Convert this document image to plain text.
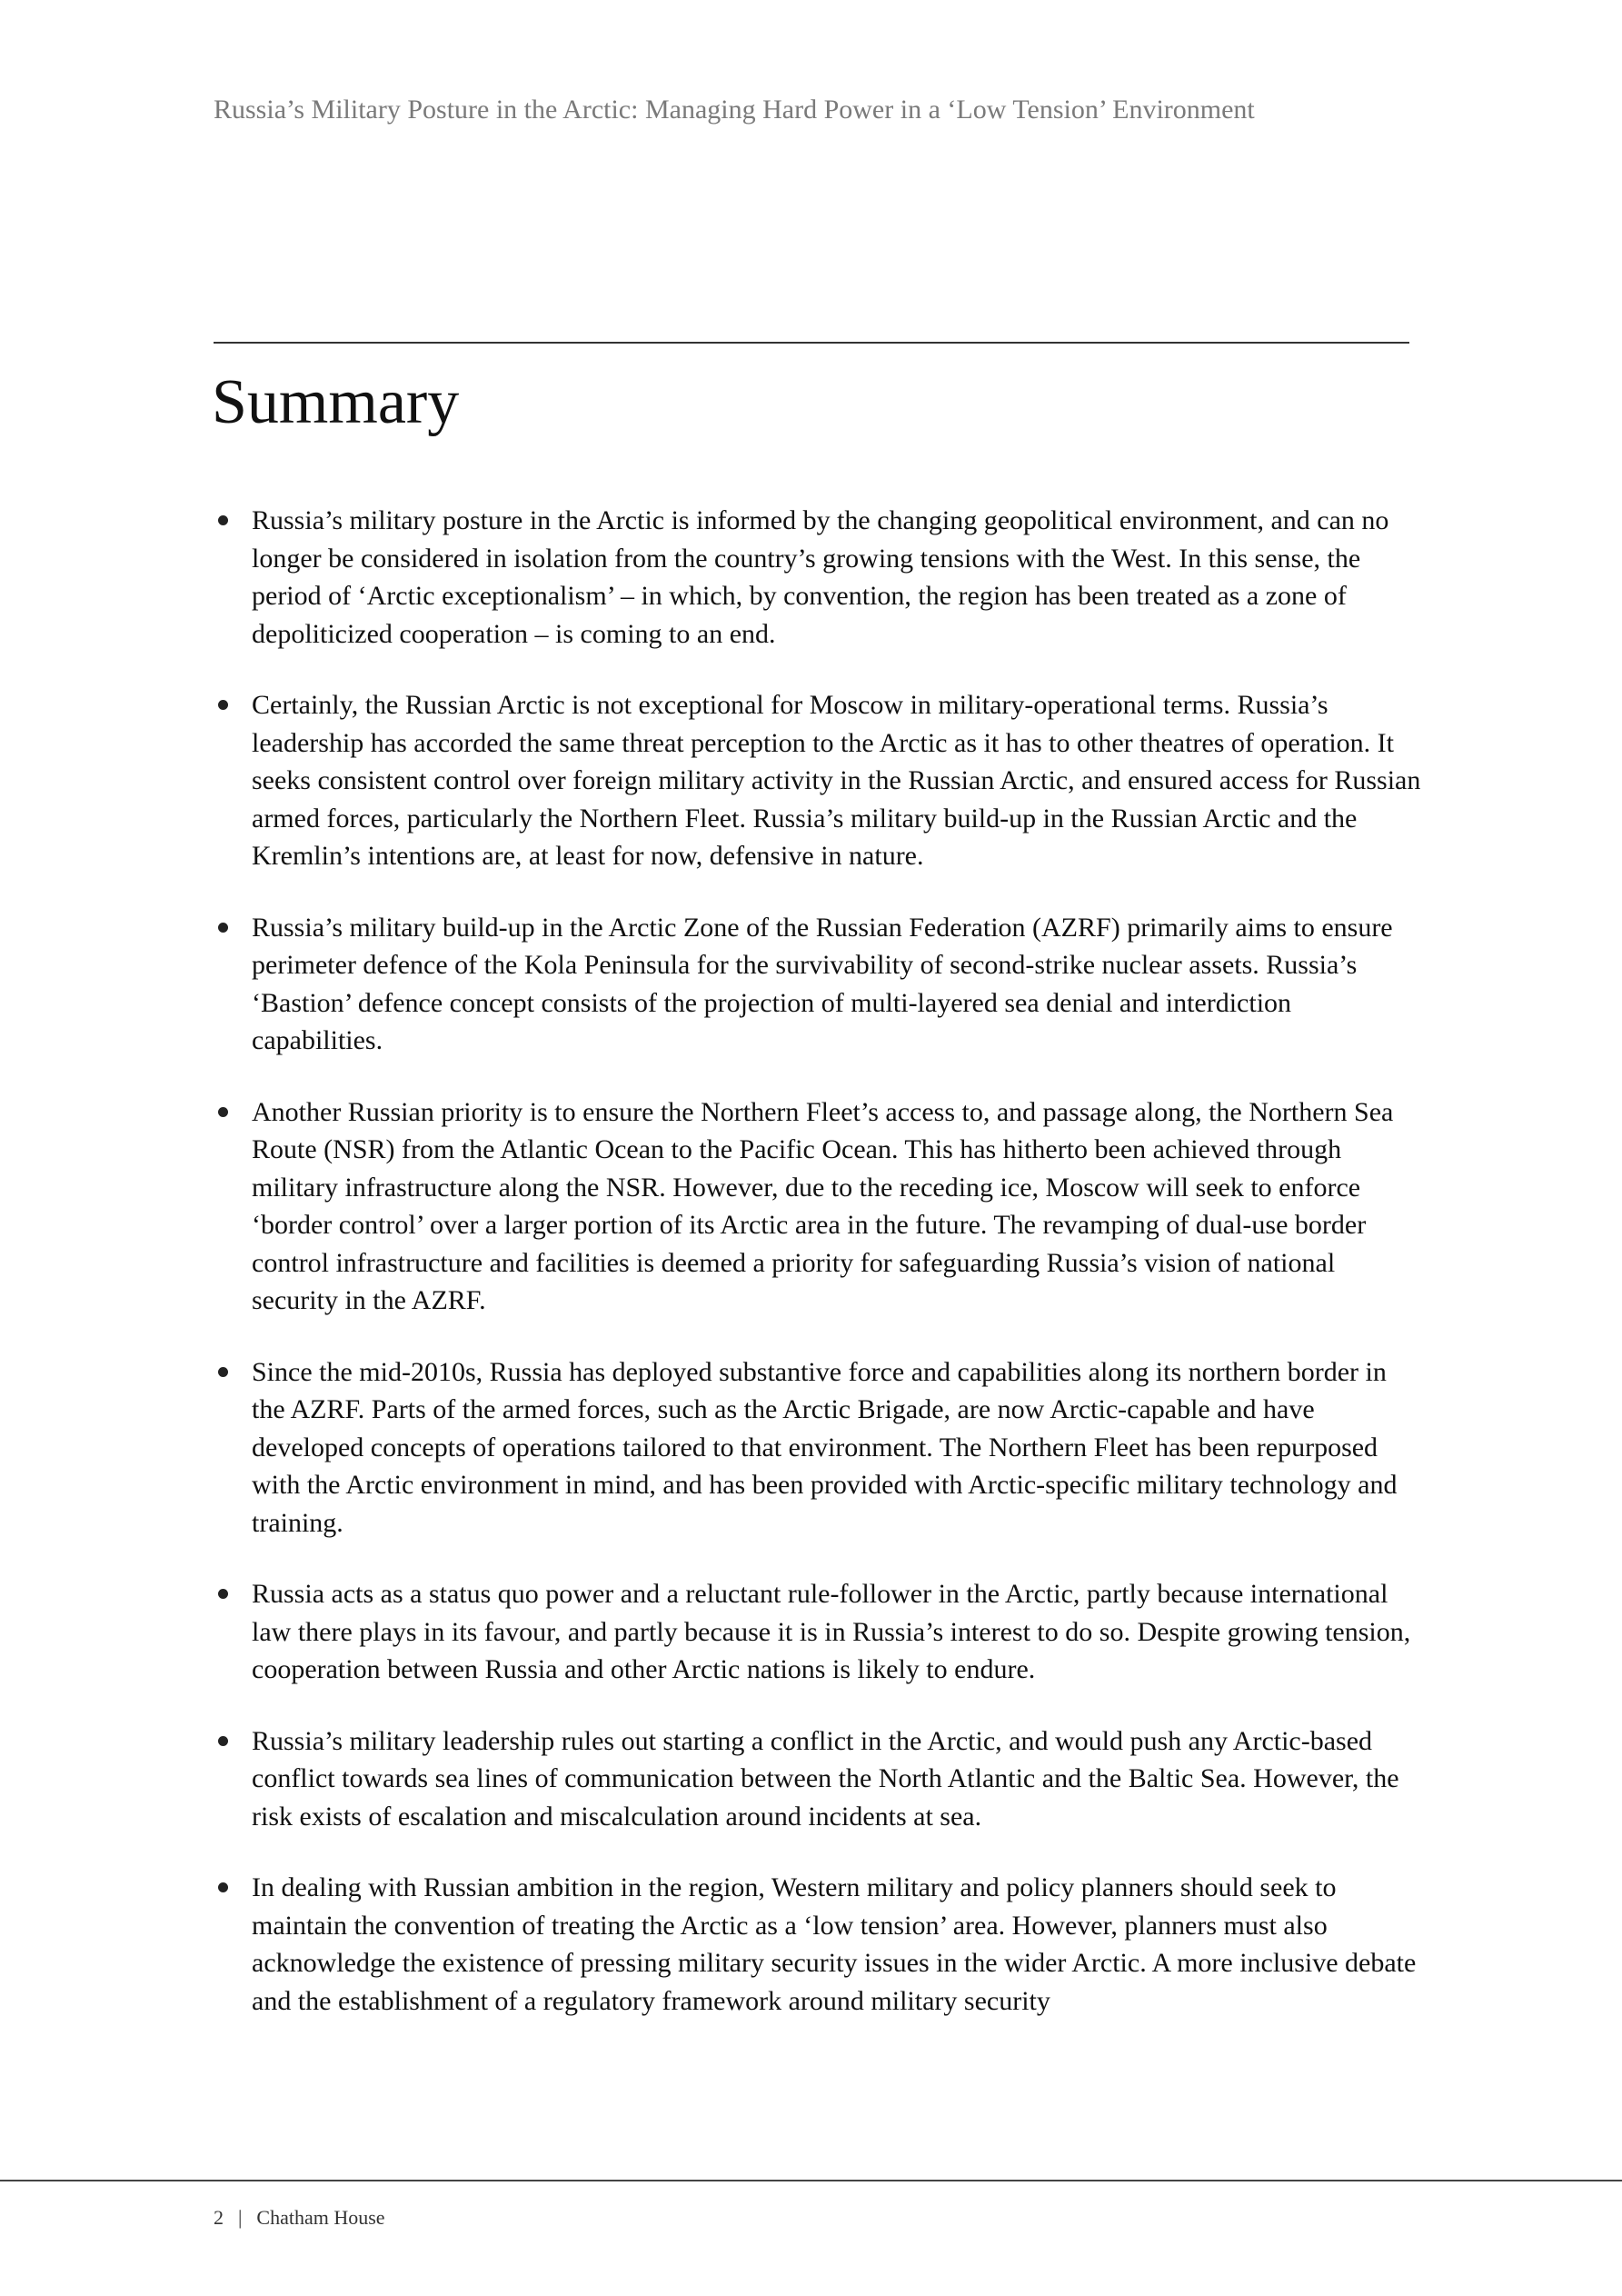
Russia’s Military Posture in the Arctic: Managing Hard Power in a ‘Low Tension’ Environment
Summary
Russia’s military posture in the Arctic is informed by the changing geopolitical environment, and can no longer be considered in isolation from the country’s growing tensions with the West. In this sense, the period of ‘Arctic exceptionalism’ – in which, by convention, the region has been treated as a zone of depoliticized cooperation – is coming to an end.
Certainly, the Russian Arctic is not exceptional for Moscow in military-operational terms. Russia’s leadership has accorded the same threat perception to the Arctic as it has to other theatres of operation. It seeks consistent control over foreign military activity in the Russian Arctic, and ensured access for Russian armed forces, particularly the Northern Fleet. Russia’s military build-up in the Russian Arctic and the Kremlin’s intentions are, at least for now, defensive in nature.
Russia’s military build-up in the Arctic Zone of the Russian Federation (AZRF) primarily aims to ensure perimeter defence of the Kola Peninsula for the survivability of second-strike nuclear assets. Russia’s ‘Bastion’ defence concept consists of the projection of multi-layered sea denial and interdiction capabilities.
Another Russian priority is to ensure the Northern Fleet’s access to, and passage along, the Northern Sea Route (NSR) from the Atlantic Ocean to the Pacific Ocean. This has hitherto been achieved through military infrastructure along the NSR. However, due to the receding ice, Moscow will seek to enforce ‘border control’ over a larger portion of its Arctic area in the future. The revamping of dual-use border control infrastructure and facilities is deemed a priority for safeguarding Russia’s vision of national security in the AZRF.
Since the mid-2010s, Russia has deployed substantive force and capabilities along its northern border in the AZRF. Parts of the armed forces, such as the Arctic Brigade, are now Arctic-capable and have developed concepts of operations tailored to that environment. The Northern Fleet has been repurposed with the Arctic environment in mind, and has been provided with Arctic-specific military technology and training.
Russia acts as a status quo power and a reluctant rule-follower in the Arctic, partly because international law there plays in its favour, and partly because it is in Russia’s interest to do so. Despite growing tension, cooperation between Russia and other Arctic nations is likely to endure.
Russia’s military leadership rules out starting a conflict in the Arctic, and would push any Arctic-based conflict towards sea lines of communication between the North Atlantic and the Baltic Sea. However, the risk exists of escalation and miscalculation around incidents at sea.
In dealing with Russian ambition in the region, Western military and policy planners should seek to maintain the convention of treating the Arctic as a ‘low tension’ area. However, planners must also acknowledge the existence of pressing military security issues in the wider Arctic. A more inclusive debate and the establishment of a regulatory framework around military security
2 | Chatham House
